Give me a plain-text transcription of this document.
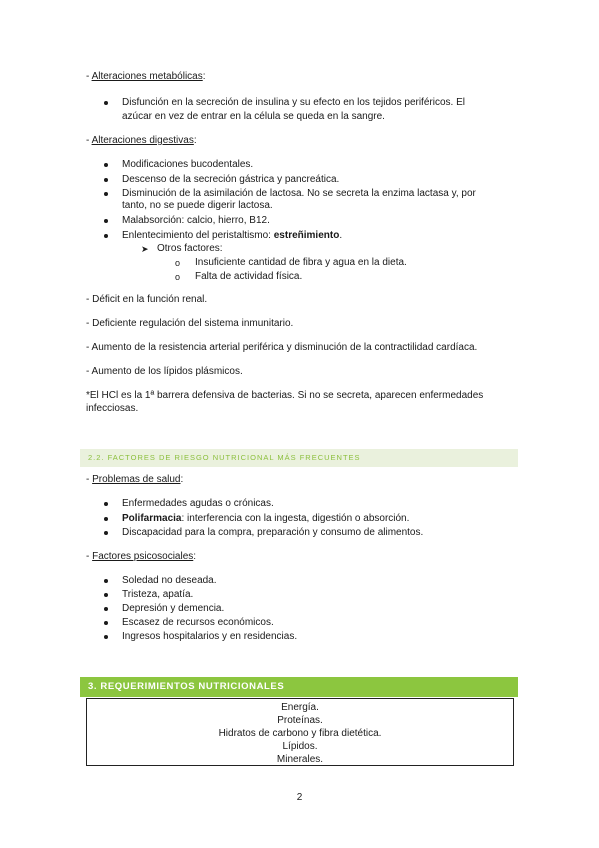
- Alteraciones metabólicas:
Disfunción en la secreción de insulina y su efecto en los tejidos periféricos. El
azúcar en vez de entrar en la célula se queda en la sangre.
- Alteraciones digestivas:
Modificaciones bucodentales.
Descenso de la secreción gástrica y pancreática.
Disminución de la asimilación de lactosa. No se secreta la enzima lactasa y, por
tanto, no se puede digerir lactosa.
Malabsorción: calcio, hierro, B12.
Enlentecimiento del peristaltismo: estreñimiento.
➤ Otros factores:
o Insuficiente cantidad de fibra y agua en la dieta.
o Falta de actividad física.
- Déficit en la función renal.
- Deficiente regulación del sistema inmunitario.
- Aumento de la resistencia arterial periférica y disminución de la contractilidad cardíaca.
- Aumento de los lípidos plásmicos.
*El HCl es la 1ª barrera defensiva de bacterias. Si no se secreta, aparecen enfermedades
infecciosas.
2.2. FACTORES DE RIESGO NUTRICIONAL MÁS FRECUENTES
- Problemas de salud:
Enfermedades agudas o crónicas.
Polifarmacia: interferencia con la ingesta, digestión o absorción.
Discapacidad para la compra, preparación y consumo de alimentos.
- Factores psicosociales:
Soledad no deseada.
Tristeza, apatía.
Depresión y demencia.
Escasez de recursos económicos.
Ingresos hospitalarios y en residencias.
3. REQUERIMIENTOS NUTRICIONALES
Energía.
Proteínas.
Hidratos de carbono y fibra dietética.
Lípidos.
Minerales.
2
